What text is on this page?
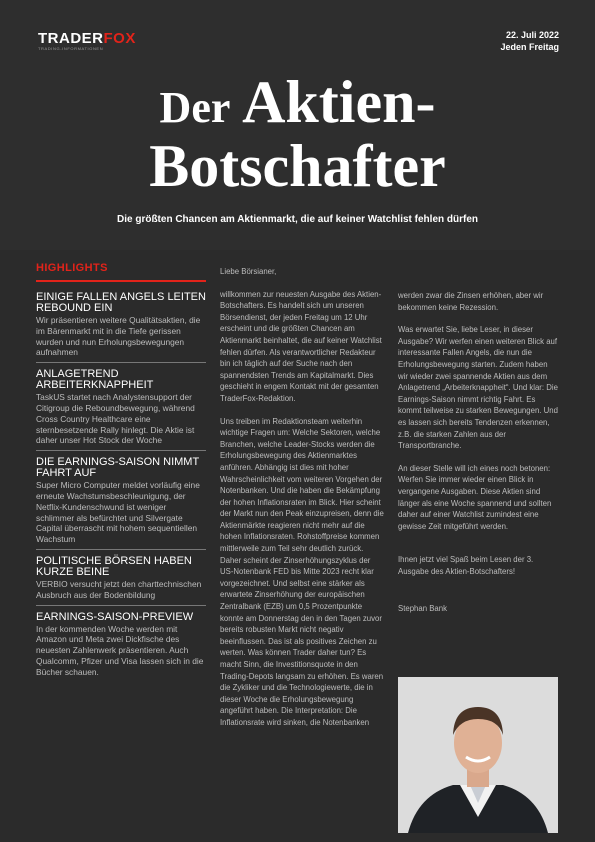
TRADERFOX
TRADING-INFORMATIONEN
22. Juli 2022
Jeden Freitag
Der Aktien-
Botschafter
Die größten Chancen am Aktienmarkt, die auf keiner Watchlist fehlen dürfen
HIGHLIGHTS
EINIGE FALLEN ANGELS LEITEN REBOUND EIN
Wir präsentieren weitere Qualitätsaktien, die im Bärenmarkt mit in die Tiefe gerissen wurden und nun Erholungsbewegungen aufnahmen
ANLAGETREND ARBEITERKNAPPHEIT
TaskUS startet nach Analystensupport der Citigroup die Reboundbewegung, während Cross Country Healthcare eine sternbesetzende Rally hinlegt. Die Aktie ist daher unser Hot Stock der Woche
DIE EARNINGS-SAISON NIMMT FAHRT AUF
Super Micro Computer meldet vorläufig eine erneute Wachstumsbeschleunigung, der Netflix-Kundenschwund ist weniger schlimmer als befürchtet und Silvergate Capital überrascht mit hohem sequentiellen Wachstum
POLITISCHE BÖRSEN HABEN KURZE BEINE
VERBIO versucht jetzt den charttechnischen Ausbruch aus der Bodenbildung
EARNINGS-SAISON-PREVIEW
In der kommenden Woche werden mit Amazon und Meta zwei Dickfische des neuesten Zahlenwerk präsentieren. Auch Qualcomm, Pfizer und Visa lassen sich in die Bücher schauen.

Liebe Börsianer,

willkommen zur neuesten Ausgabe des Aktien-Botschafters. Es handelt sich um unseren Börsendienst, der jeden Freitag um 12 Uhr erscheint und die größten Chancen am Aktienmarkt beinhaltet, die auf keiner Watchlist fehlen dürfen. Als verantwortlicher Redakteur bin ich täglich auf der Suche nach den spannendsten Trends am Kapitalmarkt. Dies geschieht in engem Kontakt mit der gesamten TraderFox-Redaktion.

Uns treiben im Redaktionsteam weiterhin wichtige Fragen um: Welche Sektoren, welche Branchen, welche Leader-Stocks werden die Erholungsbewegung des Aktienmarktes anführen. Abhängig ist dies mit hoher Wahrscheinlichkeit vom weiteren Vorgehen der Notenbanken. Und die haben die Bekämpfung der hohen Inflationsraten im Blick. Hier scheint der Markt nun den Peak einzupreisen, denn die Aktienmärkte reagieren nicht mehr auf die hohen Inflationsraten. Rohstoffpreise kommen mittlerweile zum Teil sehr deutlich zurück. Daher scheint der Zinserhöhungszyklus der US-Notenbank FED bis Mitte 2023 recht klar vorgezeichnet. Und selbst eine stärker als erwartete Zinserhöhung der europäischen Zentralbank (EZB) um 0,5 Prozentpunkte konnte am Donnerstag den in den Tagen zuvor bereits robusten Markt nicht negativ beeinflussen. Das ist als positives Zeichen zu werten. Was können Trader daher tun? Es macht Sinn, die Investitionsquote in den Trading-Depots langsam zu erhöhen. Es waren die Zykliker und die Technologiewerte, die in dieser Woche die Erholungsbewegung angeführt haben. Die Interpretation: Die Inflationsrate wird sinken, die Notenbanken

werden zwar die Zinsen erhöhen, aber wir bekommen keine Rezession.

Was erwartet Sie, liebe Leser, in dieser Ausgabe? Wir werfen einen weiteren Blick auf interessante Fallen Angels, die nun die Erholungsbewegung starten. Zudem haben wir wieder zwei spannende Aktien aus dem Anlagetrend „Arbeiterknappheit“. Und klar: Die Earnings-Saison nimmt richtig Fahrt. Es kommt teilweise zu starken Bewegungen. Und es lassen sich bereits Tendenzen erkennen, z.B. die starken Zahlen aus der Transportbranche.

An dieser Stelle will ich eines noch betonen: Werfen Sie immer wieder einen Blick in vergangene Ausgaben. Diese Aktien sind länger als eine Woche spannend und sollten daher auf einer Watchlist zumindest eine gewisse Zeit mitgeführt werden.

Ihnen jetzt viel Spaß beim Lesen der 3. Ausgabe des Aktien-Botschafters!

Stephan Bank
